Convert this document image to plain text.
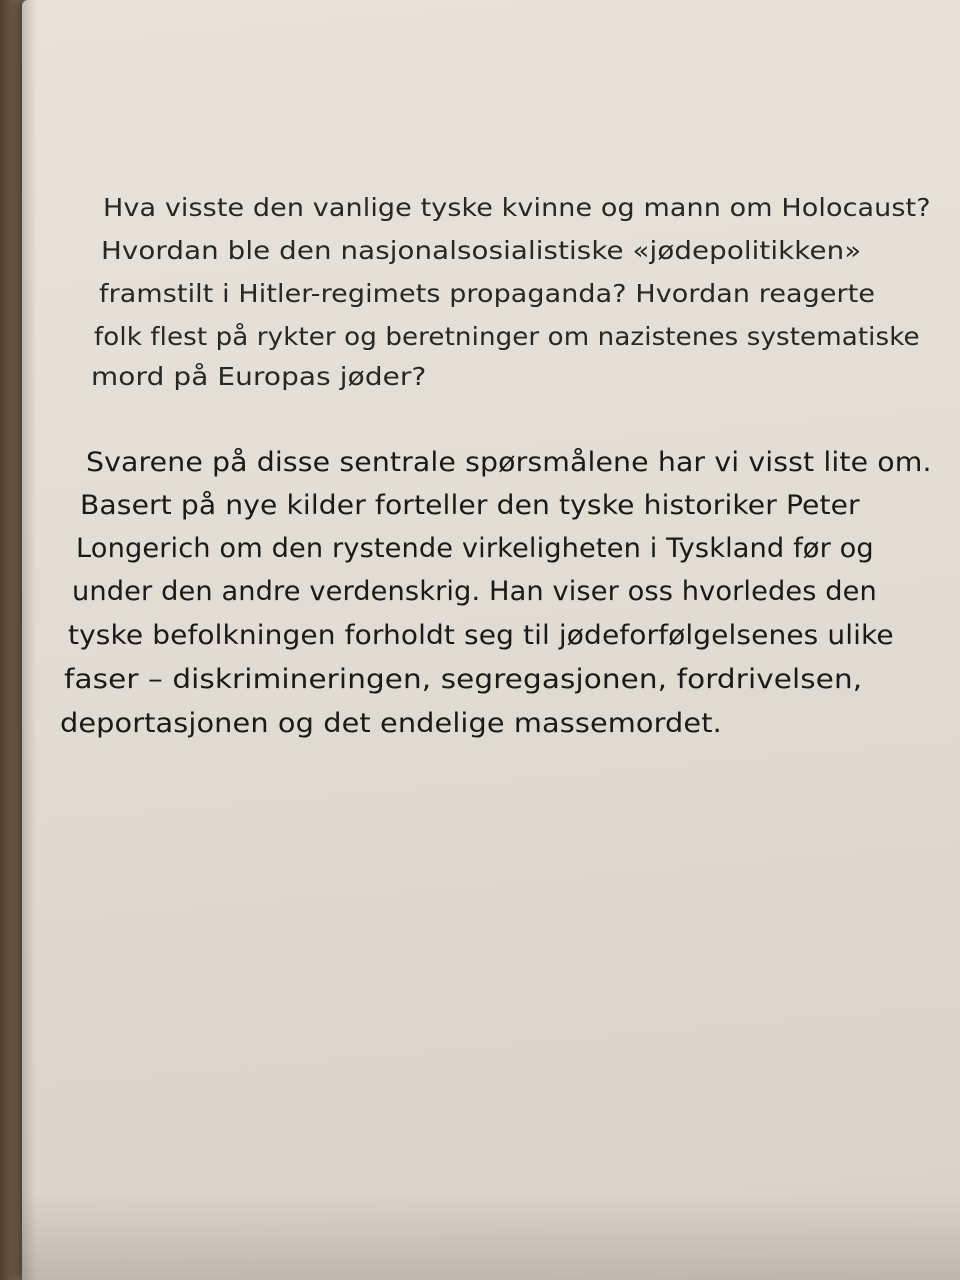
Hva visste den vanlige tyske kvinne og mann om Holocaust?
Hvordan ble den nasjonalsosialistiske «jødepolitikken»
framstilt i Hitler-regimets propaganda? Hvordan reagerte
folk flest på rykter og beretninger om nazistenes systematiske
mord på Europas jøder?
Svarene på disse sentrale spørsmålene har vi visst lite om.
Basert på nye kilder forteller den tyske historiker Peter
Longerich om den rystende virkeligheten i Tyskland før og
under den andre verdenskrig. Han viser oss hvorledes den
tyske befolkningen forholdt seg til jødeforfølgelsenes ulike
faser – diskrimineringen, segregasjonen, fordrivelsen,
deportasjonen og det endelige massemordet.
